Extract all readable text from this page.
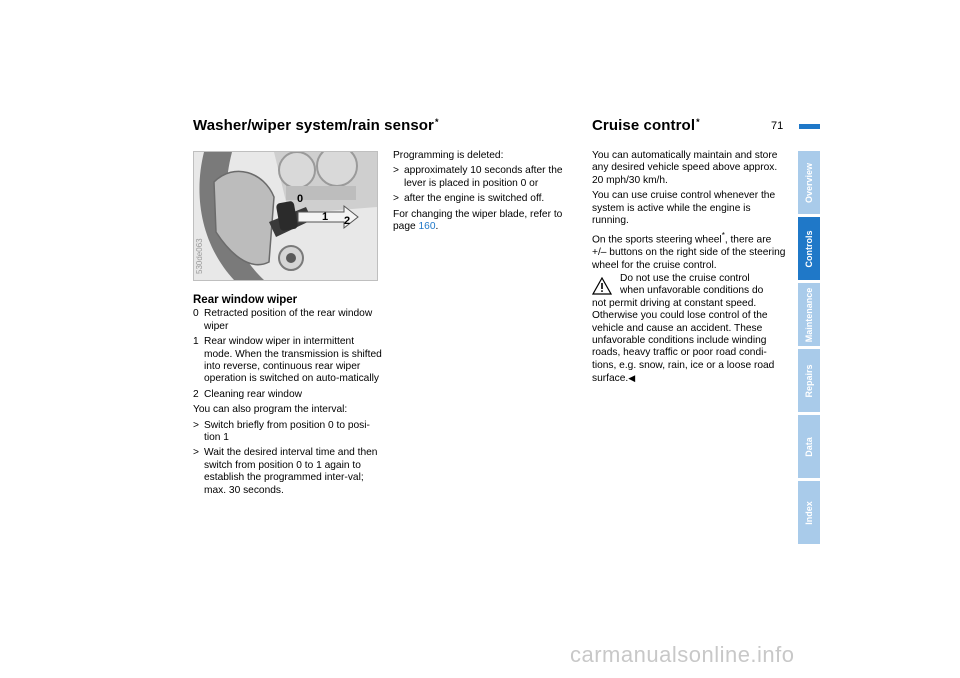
Washer/wiper system/rain sensor*	Cruise control*	71
0
1 2
530de063
Rear window wiper
0 Retracted position of the rear window wiper
1 Rear window wiper in intermittent mode. When the transmission is shifted into reverse, continuous rear wiper operation is switched on auto-matically
2 Cleaning rear window

You can also program the interval:

> Switch briefly from position 0 to posi-tion 1
> Wait the desired interval time and then switch from position 0 to 1 again to establish the programmed inter-val; max. 30 seconds.

Programming is deleted:

> approximately 10 seconds after the lever is placed in position 0 or
> after the engine is switched off.

For changing the wiper blade, refer to page 160.

You can automatically maintain and store any desired vehicle speed above approx. 20 mph/30 km/h.

You can use cruise control whenever the system is active while the engine is running.

On the sports steering wheel*, there are +/– buttons on the right side of the steering wheel for the cruise control.

Do not use the cruise control
when unfavorable conditions do
not permit driving at constant speed. Otherwise you could lose control of the vehicle and cause an accident. These unfavorable conditions include winding roads, heavy traffic or poor road condi-tions, e.g. snow, rain, ice or a loose road surface.◀
Overview
Controls
Maintenance
Repairs
Data
Index
carmanualsonline.info
